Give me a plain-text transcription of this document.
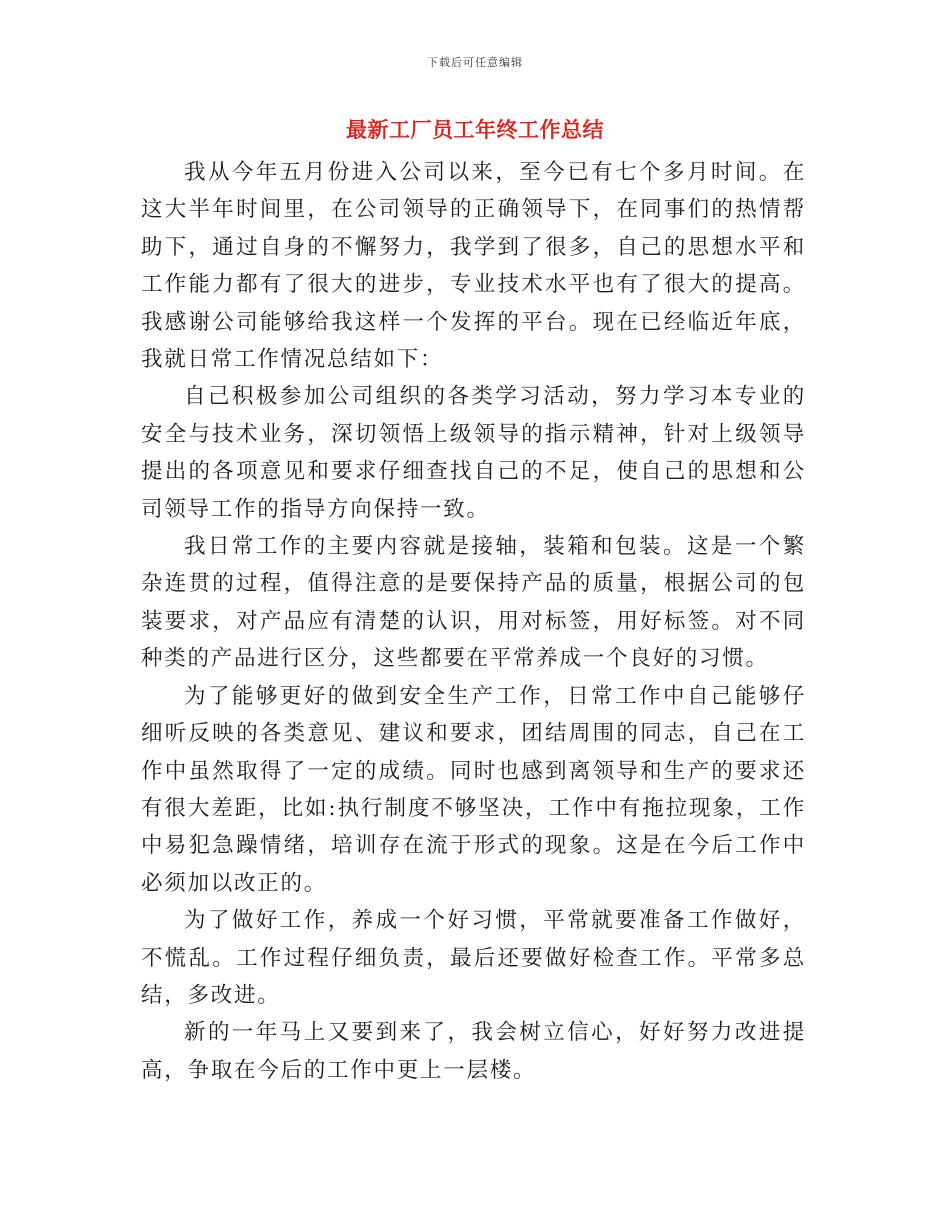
下载后可任意编辑
最新工厂员工年终工作总结

我从今年五月份进入公司以来，至今已有七个多月时间。在这大半年时间里，在公司领导的正确领导下，在同事们的热情帮助下，通过自身的不懈努力，我学到了很多，自己的思想水平和工作能力都有了很大的进步，专业技术水平也有了很大的提高。 我感谢公司能够给我这样一个发挥的平台。现在已经临近年底，我就日常工作情况总结如下：

自己积极参加公司组织的各类学习活动，努力学习本专业的安全与技术业务，深切领悟上级领导的指示精神，针对上级领导提出的各项意见和要求仔细查找自己的不足，使自己的思想和公司领导工作的指导方向保持一致。

我日常工作的主要内容就是接轴，装箱和包装。这是一个繁杂连贯的过程，值得注意的是要保持产品的质量，根据公司的包装要求，对产品应有清楚的认识，用对标签，用好标签。对不同种类的产品进行区分，这些都要在平常养成一个良好的习惯。

为了能够更好的做到安全生产工作，日常工作中自己能够仔细听反映的各类意见、建议和要求，团结周围的同志，自己在工作中虽然取得了一定的成绩。同时也感到离领导和生产的要求还有很大差距，比如:执行制度不够坚决，工作中有拖拉现象，工作中易犯急躁情绪，培训存在流于形式的现象。这是在今后工作中必须加以改正的。

为了做好工作，养成一个好习惯，平常就要准备工作做好，不慌乱。工作过程仔细负责，最后还要做好检查工作。平常多总结，多改进。

新的一年马上又要到来了，我会树立信心，好好努力改进提高，争取在今后的工作中更上一层楼。
